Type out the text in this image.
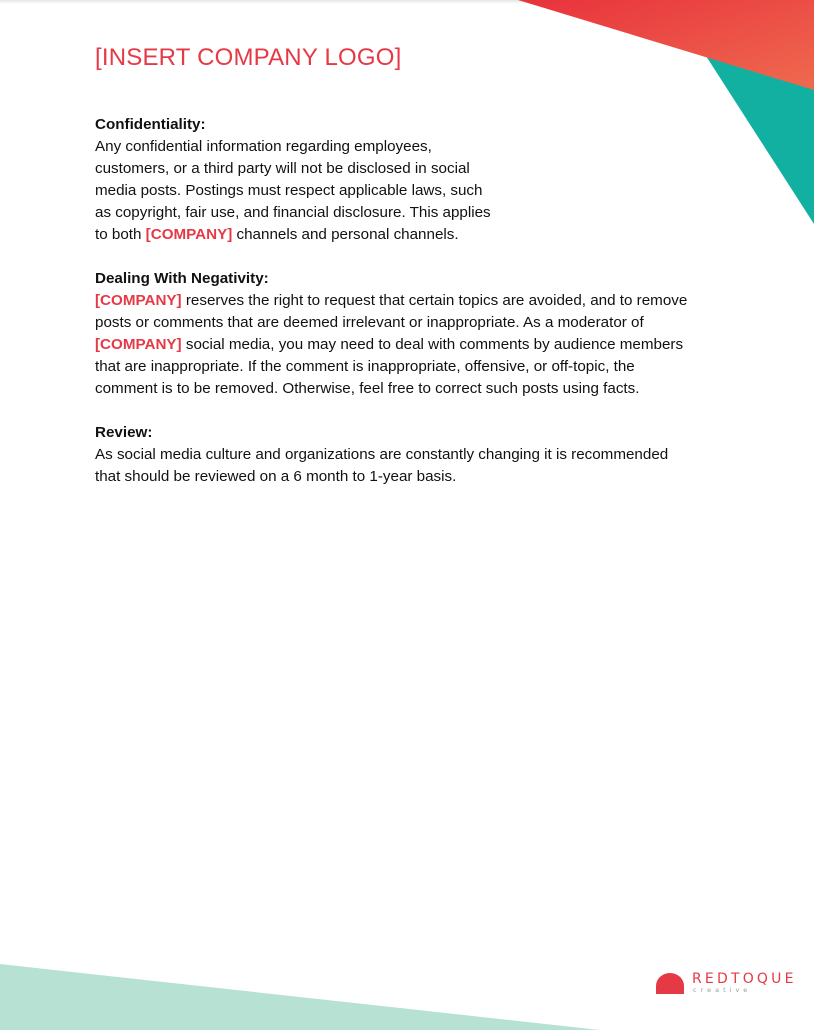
[INSERT COMPANY LOGO]
Confidentiality:
Any confidential information regarding employees,
customers, or a third party will not be disclosed in social
media posts. Postings must respect applicable laws, such
as copyright, fair use, and financial disclosure. This applies
to both [COMPANY] channels and personal channels.
Dealing With Negativity:
[COMPANY] reserves the right to request that certain topics are avoided, and to remove
posts or comments that are deemed irrelevant or inappropriate. As a moderator of
[COMPANY] social media, you may need to deal with comments by audience members
that are inappropriate. If the comment is inappropriate, offensive, or off-topic, the
comment is to be removed. Otherwise, feel free to correct such posts using facts.
Review:
As social media culture and organizations are constantly changing it is recommended
that should be reviewed on a 6 month to 1-year basis.
REDTOQUE
creative
